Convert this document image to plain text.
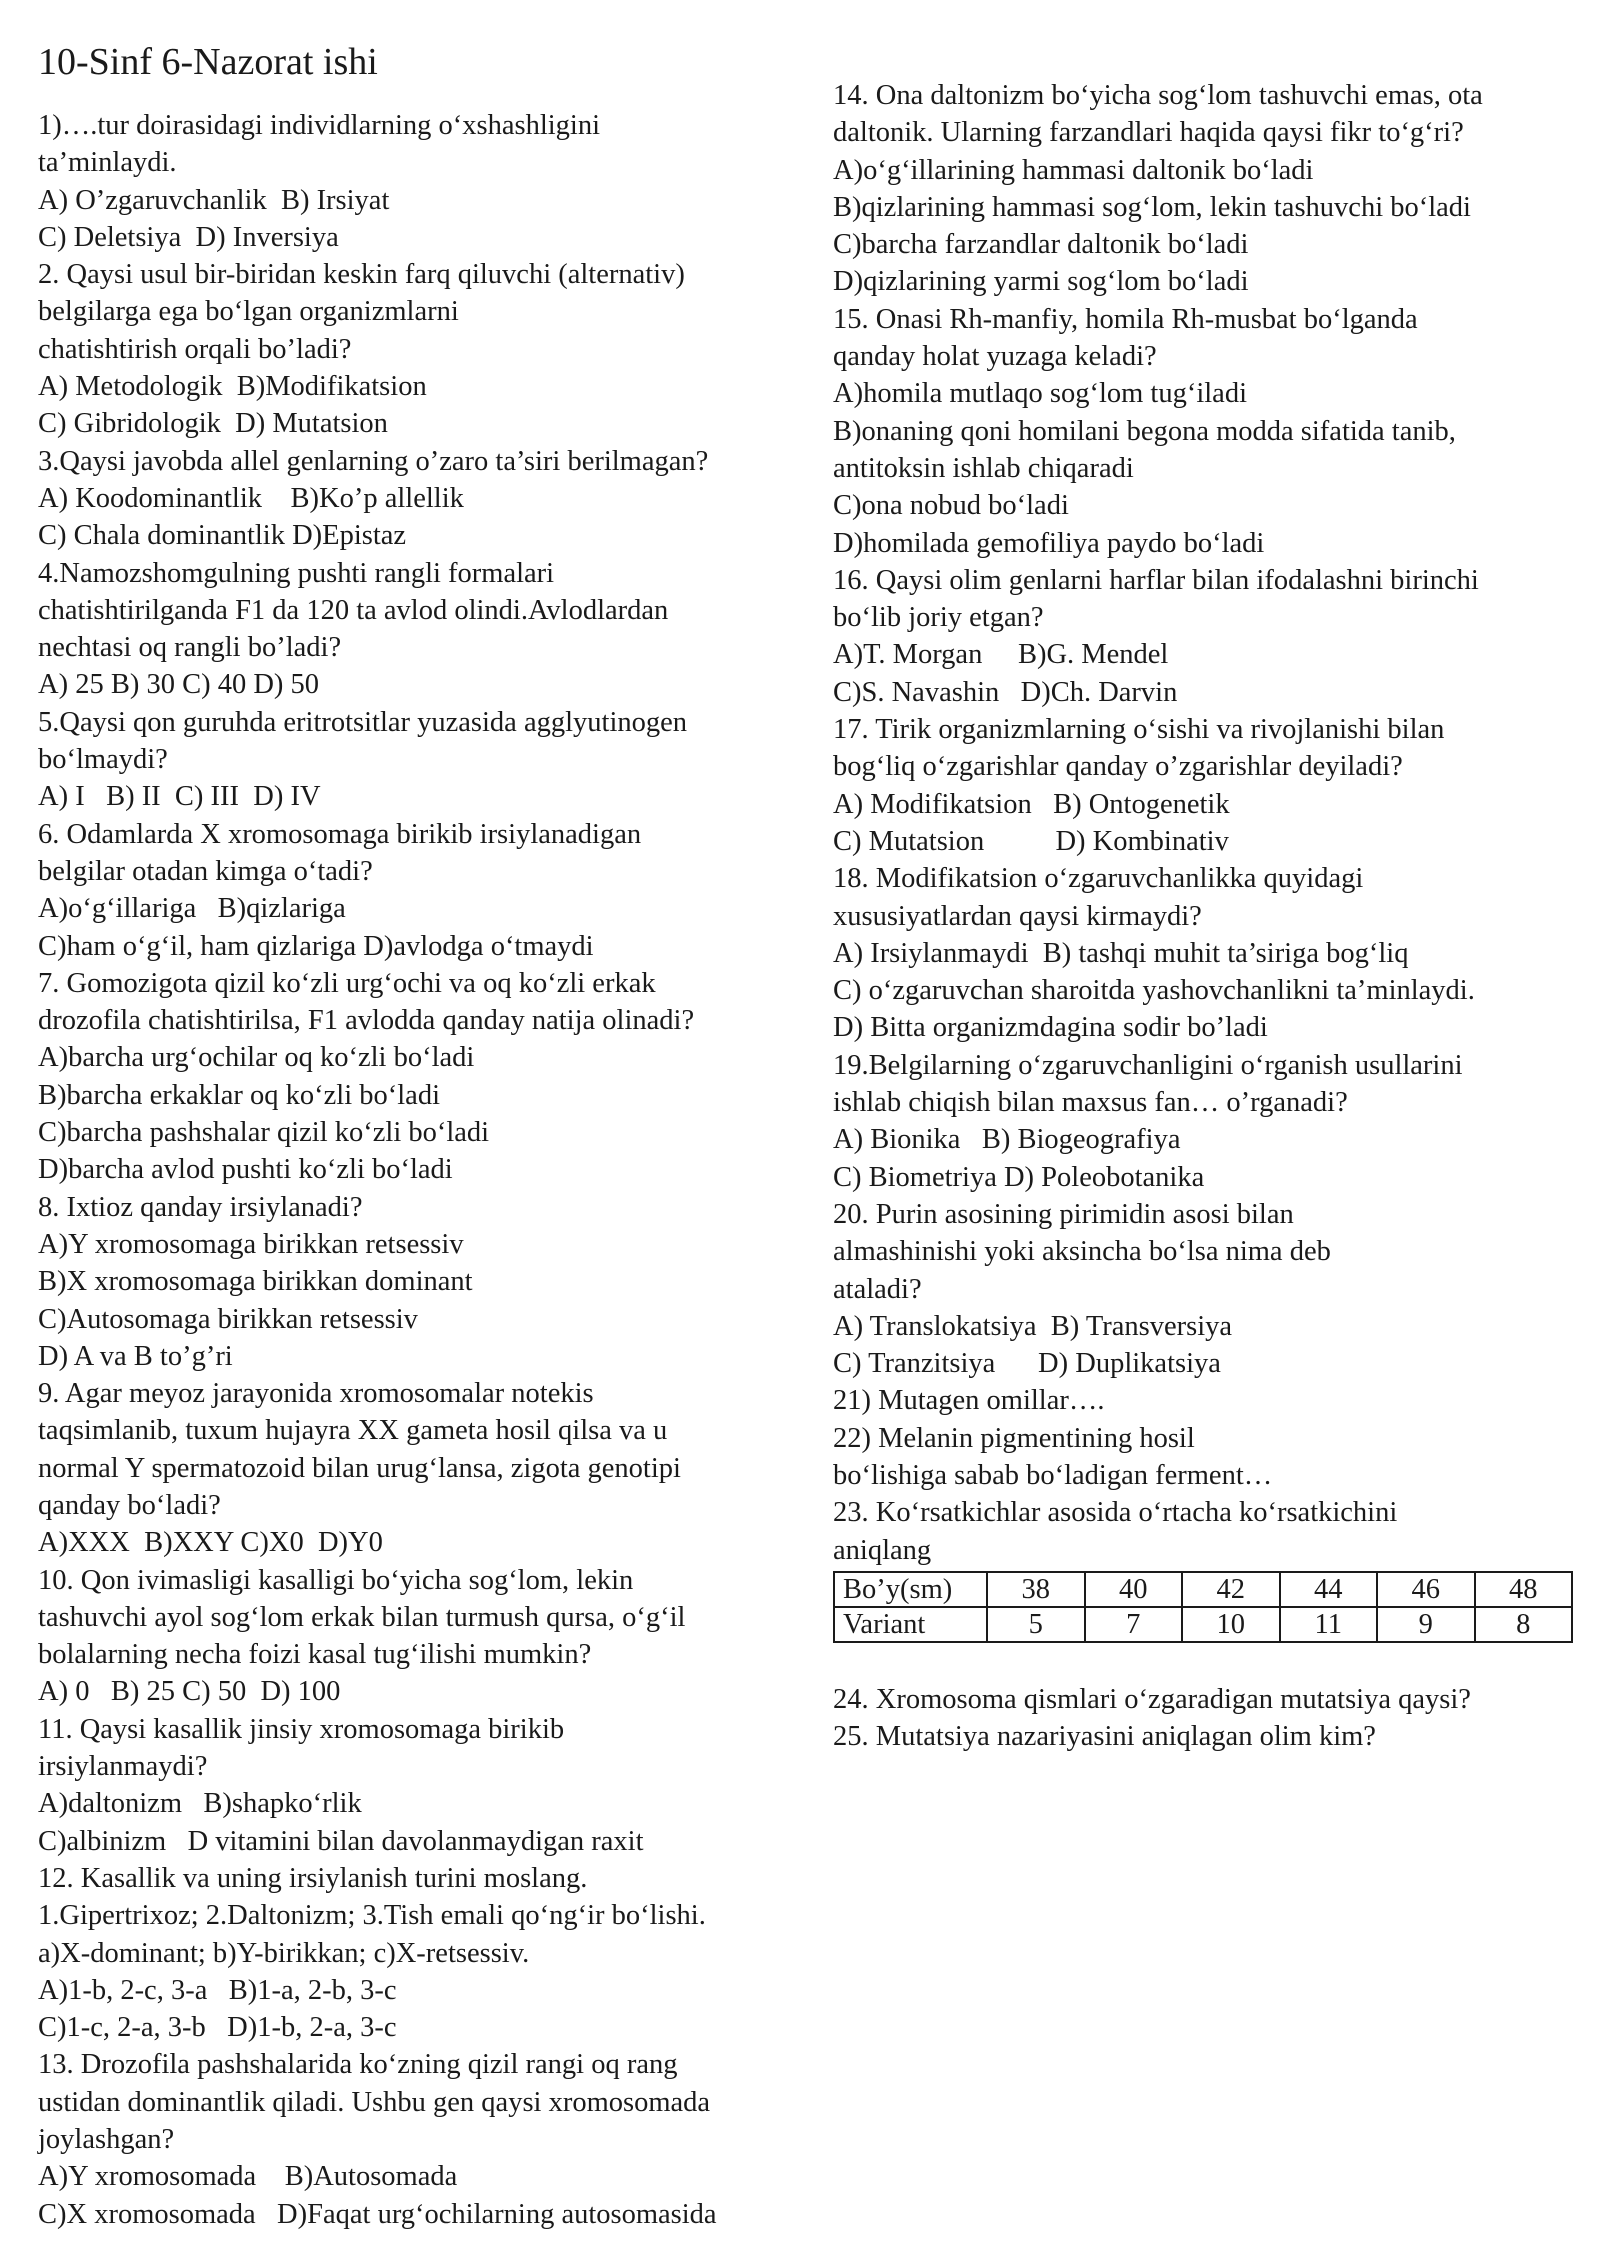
10-Sinf 6-Nazorat ishi
1)….tur doirasidagi individlarning o‘xshashligini
ta’minlaydi.
A) O’zgaruvchanlik  B) Irsiyat
C) Deletsiya  D) Inversiya
2. Qaysi usul bir-biridan keskin farq qiluvchi (alternativ)
belgilarga ega bo‘lgan organizmlarni
chatishtirish orqali bo’ladi?
A) Metodologik  B)Modifikatsion
C) Gibridologik  D) Mutatsion
3.Qaysi javobda allel genlarning o’zaro ta’siri berilmagan?
A) Koodominantlik    B)Ko’p allellik
C) Chala dominantlik D)Epistaz
4.Namozshomgulning pushti rangli formalari
chatishtirilganda F1 da 120 ta avlod olindi.Avlodlardan
nechtasi oq rangli bo’ladi?
A) 25 B) 30 C) 40 D) 50
5.Qaysi qon guruhda eritrotsitlar yuzasida agglyutinogen
bo‘lmaydi?
A) I   B) II  C) III  D) IV
6. Odamlarda X xromosomaga birikib irsiylanadigan
belgilar otadan kimga o‘tadi?
A)o‘g‘illariga   B)qizlariga
C)ham o‘g‘il, ham qizlariga D)avlodga o‘tmaydi
7. Gomozigota qizil ko‘zli urg‘ochi va oq ko‘zli erkak
drozofila chatishtirilsa, F1 avlodda qanday natija olinadi?
A)barcha urg‘ochilar oq ko‘zli bo‘ladi
B)barcha erkaklar oq ko‘zli bo‘ladi
C)barcha pashshalar qizil ko‘zli bo‘ladi
D)barcha avlod pushti ko‘zli bo‘ladi
8. Ixtioz qanday irsiylanadi?
A)Y xromosomaga birikkan retsessiv
B)X xromosomaga birikkan dominant
C)Autosomaga birikkan retsessiv
D) A va B to’g’ri
9. Agar meyoz jarayonida xromosomalar notekis
taqsimlanib, tuxum hujayra XX gameta hosil qilsa va u
normal Y spermatozoid bilan urug‘lansa, zigota genotipi
qanday bo‘ladi?
A)XXX  B)XXY C)X0  D)Y0
10. Qon ivimasligi kasalligi bo‘yicha sog‘lom, lekin
tashuvchi ayol sog‘lom erkak bilan turmush qursa, o‘g‘il
bolalarning necha foizi kasal tug‘ilishi mumkin?
A) 0   B) 25 C) 50  D) 100
11. Qaysi kasallik jinsiy xromosomaga birikib
irsiylanmaydi?
A)daltonizm   B)shapko‘rlik
C)albinizm   D vitamini bilan davolanmaydigan raxit
12. Kasallik va uning irsiylanish turini moslang.
1.Gipertrixoz; 2.Daltonizm; 3.Tish emali qo‘ng‘ir bo‘lishi.
a)X-dominant; b)Y-birikkan; c)X-retsessiv.
A)1-b, 2-c, 3-a   B)1-a, 2-b, 3-c
C)1-c, 2-a, 3-b   D)1-b, 2-a, 3-c
13. Drozofila pashshalarida ko‘zning qizil rangi oq rang
ustidan dominantlik qiladi. Ushbu gen qaysi xromosomada
joylashgan?
A)Y xromosomada    B)Autosomada
C)X xromosomada   D)Faqat urg‘ochilarning autosomasida
14. Ona daltonizm bo‘yicha sog‘lom tashuvchi emas, ota
daltonik. Ularning farzandlari haqida qaysi fikr to‘g‘ri?
A)o‘g‘illarining hammasi daltonik bo‘ladi
B)qizlarining hammasi sog‘lom, lekin tashuvchi bo‘ladi
C)barcha farzandlar daltonik bo‘ladi
D)qizlarining yarmi sog‘lom bo‘ladi
15. Onasi Rh-manfiy, homila Rh-musbat bo‘lganda
qanday holat yuzaga keladi?
A)homila mutlaqo sog‘lom tug‘iladi
B)onaning qoni homilani begona modda sifatida tanib,
antitoksin ishlab chiqaradi
C)ona nobud bo‘ladi
D)homilada gemofiliya paydo bo‘ladi
16. Qaysi olim genlarni harflar bilan ifodalashni birinchi
bo‘lib joriy etgan?
A)T. Morgan     B)G. Mendel
C)S. Navashin   D)Ch. Darvin
17. Tirik organizmlarning o‘sishi va rivojlanishi bilan
bog‘liq o‘zgarishlar qanday o’zgarishlar deyiladi?
A) Modifikatsion   B) Ontogenetik
C) Mutatsion          D) Kombinativ
18. Modifikatsion o‘zgaruvchanlikka quyidagi
xususiyatlardan qaysi kirmaydi?
A) Irsiylanmaydi  B) tashqi muhit ta’siriga bog‘liq
C) o‘zgaruvchan sharoitda yashovchanlikni ta’minlaydi.
D) Bitta organizmdagina sodir bo’ladi
19.Belgilarning o‘zgaruvchanligini o‘rganish usullarini
ishlab chiqish bilan maxsus fan… o’rganadi?
A) Bionika   B) Biogeografiya
C) Biometriya D) Poleobotanika
20. Purin asosining pirimidin asosi bilan
almashinishi yoki aksincha bo‘lsa nima deb
ataladi?
A) Translokatsiya  B) Transversiya
C) Tranzitsiya      D) Duplikatsiya
21) Mutagen omillar….
22) Melanin pigmentining hosil
bo‘lishiga sabab bo‘ladigan ferment…
23. Ko‘rsatkichlar asosida o‘rtacha ko‘rsatkichini
aniqlang
Bo’y(sm)	38	40	42	44	46	48
Variant	5	7	10	11	9	8
24. Xromosoma qismlari o‘zgaradigan mutatsiya qaysi?
25. Mutatsiya nazariyasini aniqlagan olim kim?
